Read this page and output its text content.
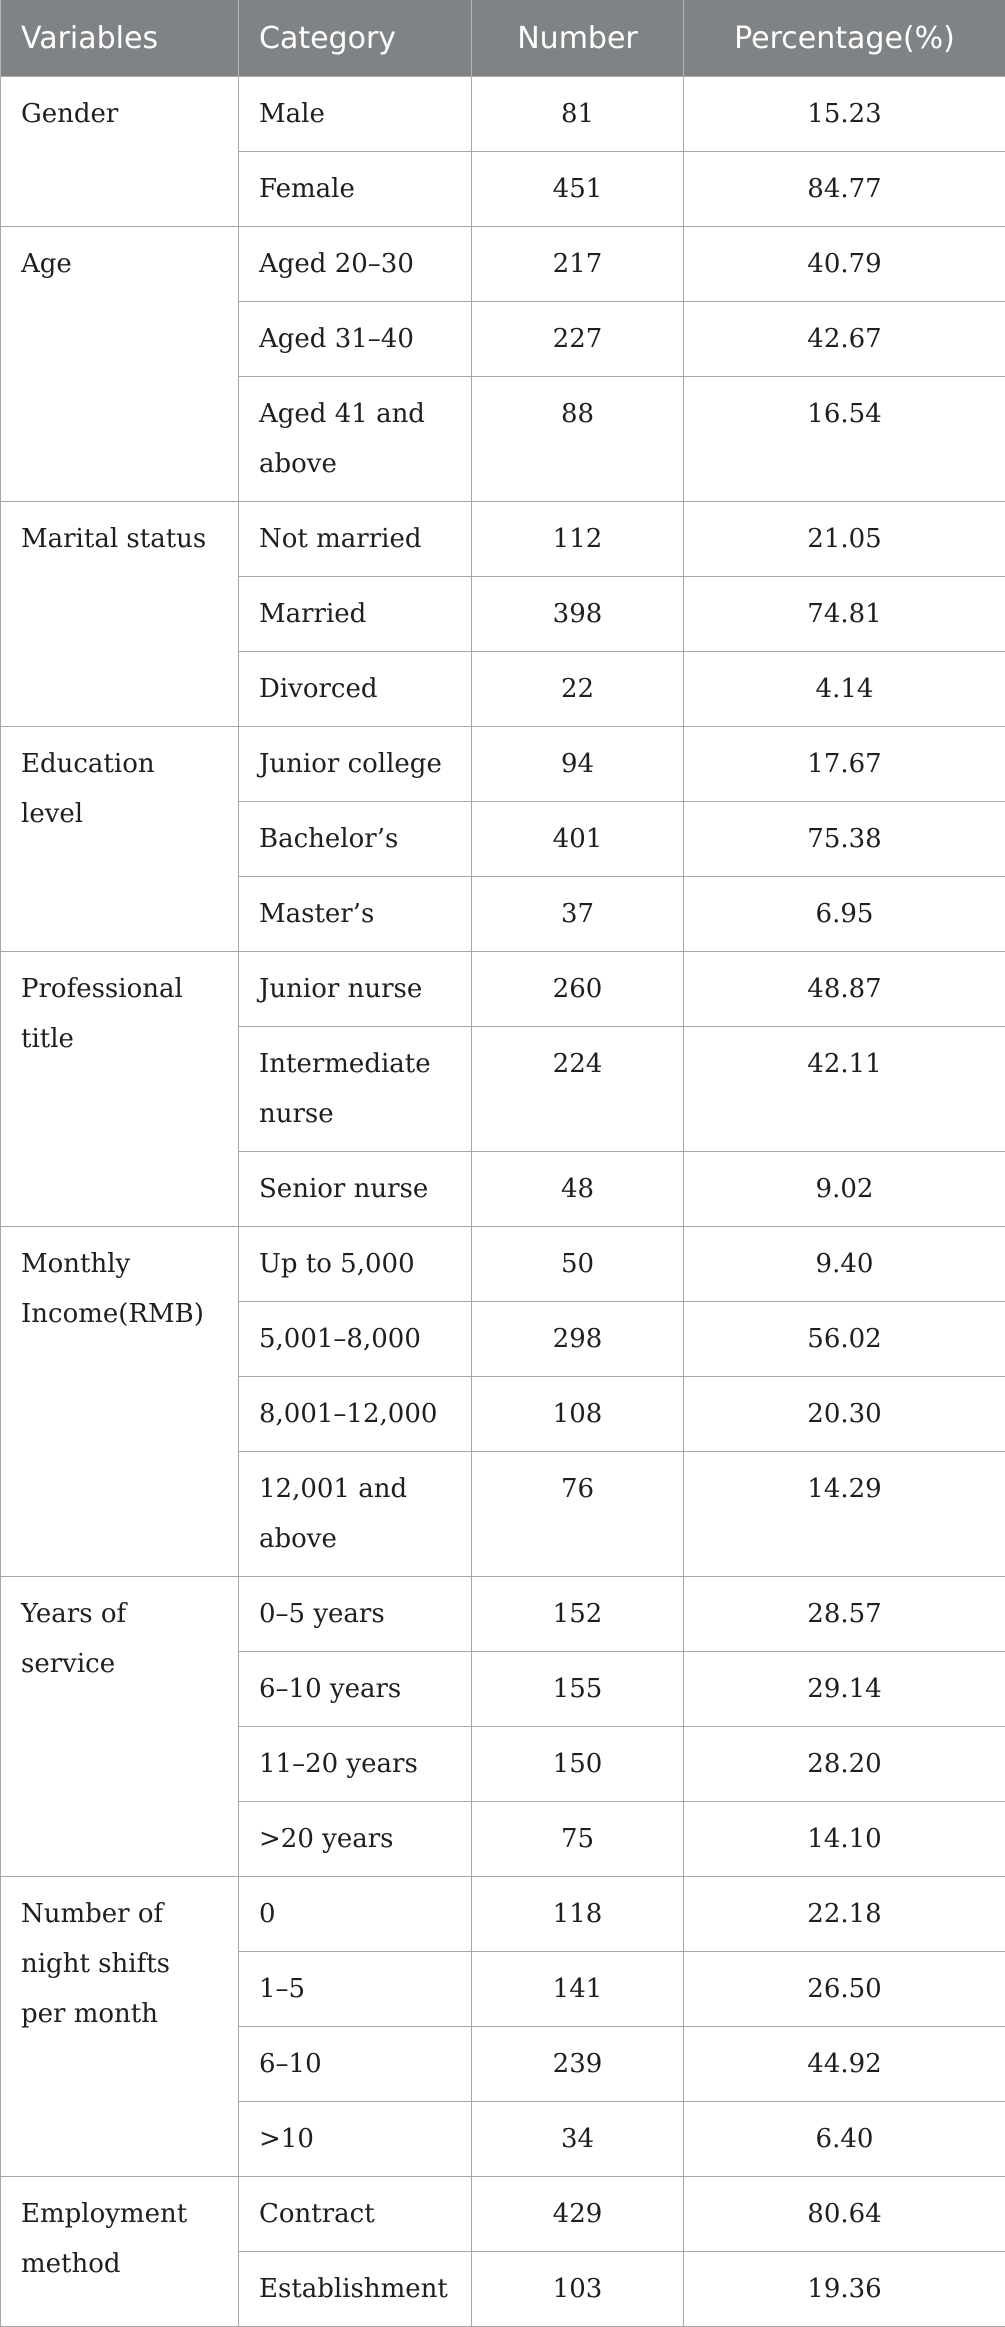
Variables	Category	Number	Percentage(%)
Gender	Male	81	15.23
	Female	451	84.77
Age	Aged 20–30	217	40.79
	Aged 31–40	227	42.67
	Aged 41 and above	88	16.54
Marital status	Not married	112	21.05
	Married	398	74.81
	Divorced	22	4.14
Education level	Junior college	94	17.67
	Bachelor’s	401	75.38
	Master’s	37	6.95
Professional title	Junior nurse	260	48.87
	Intermediate nurse	224	42.11
	Senior nurse	48	9.02
Monthly Income(RMB)	Up to 5,000	50	9.40
	5,001–8,000	298	56.02
	8,001–12,000	108	20.30
	12,001 and above	76	14.29
Years of service	0–5 years	152	28.57
	6–10 years	155	29.14
	11–20 years	150	28.20
	>20 years	75	14.10
Number of night shifts per month	0	118	22.18
	1–5	141	26.50
	6–10	239	44.92
	>10	34	6.40
Employment method	Contract	429	80.64
	Establishment	103	19.36
